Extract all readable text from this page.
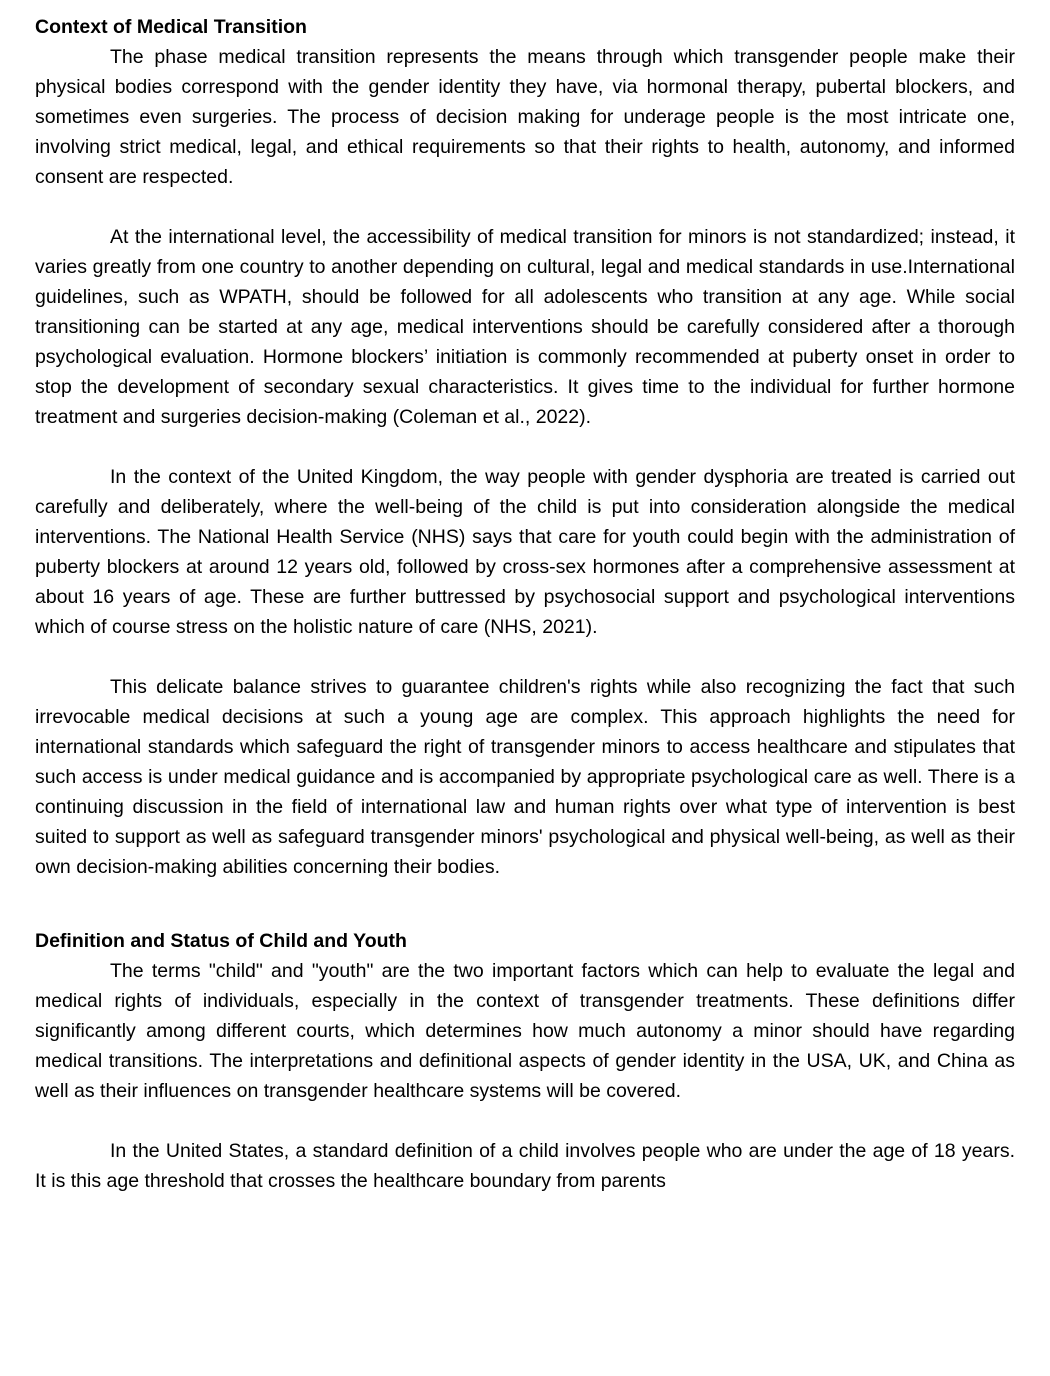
Context of Medical Transition

The phase medical transition represents the means through which transgender people make their physical bodies correspond with the gender identity they have, via hormonal therapy, pubertal blockers, and sometimes even surgeries. The process of decision making for underage people is the most intricate one, involving strict medical, legal, and ethical requirements so that their rights to health, autonomy, and informed consent are respected.

At the international level, the accessibility of medical transition for minors is not standardized; instead, it varies greatly from one country to another depending on cultural, legal and medical standards in use.International guidelines, such as WPATH, should be followed for all adolescents who transition at any age. While social transitioning can be started at any age, medical interventions should be carefully considered after a thorough psychological evaluation. Hormone blockers’ initiation is commonly recommended at puberty onset in order to stop the development of secondary sexual characteristics. It gives time to the individual for further hormone treatment and surgeries decision-making (Coleman et al., 2022).

In the context of the United Kingdom, the way people with gender dysphoria are treated is carried out carefully and deliberately, where the well-being of the child is put into consideration alongside the medical interventions. The National Health Service (NHS) says that care for youth could begin with the administration of puberty blockers at around 12 years old, followed by cross-sex hormones after a comprehensive assessment at about 16 years of age. These are further buttressed by psychosocial support and psychological interventions which of course stress on the holistic nature of care (NHS, 2021).

This delicate balance strives to guarantee children's rights while also recognizing the fact that such irrevocable medical decisions at such a young age are complex. This approach highlights the need for international standards which safeguard the right of transgender minors to access healthcare and stipulates that such access is under medical guidance and is accompanied by appropriate psychological care as well. There is a continuing discussion in the field of international law and human rights over what type of intervention is best suited to support as well as safeguard transgender minors' psychological and physical well-being, as well as their own decision-making abilities concerning their bodies.

Definition and Status of Child and Youth

The terms "child" and "youth" are the two important factors which can help to evaluate the legal and medical rights of individuals, especially in the context of transgender treatments. These definitions differ significantly among different courts, which determines how much autonomy a minor should have regarding medical transitions. The interpretations and definitional aspects of gender identity in the USA, UK, and China as well as their influences on transgender healthcare systems will be covered.

In the United States, a standard definition of a child involves people who are under the age of 18 years. It is this age threshold that crosses the healthcare boundary from parents
